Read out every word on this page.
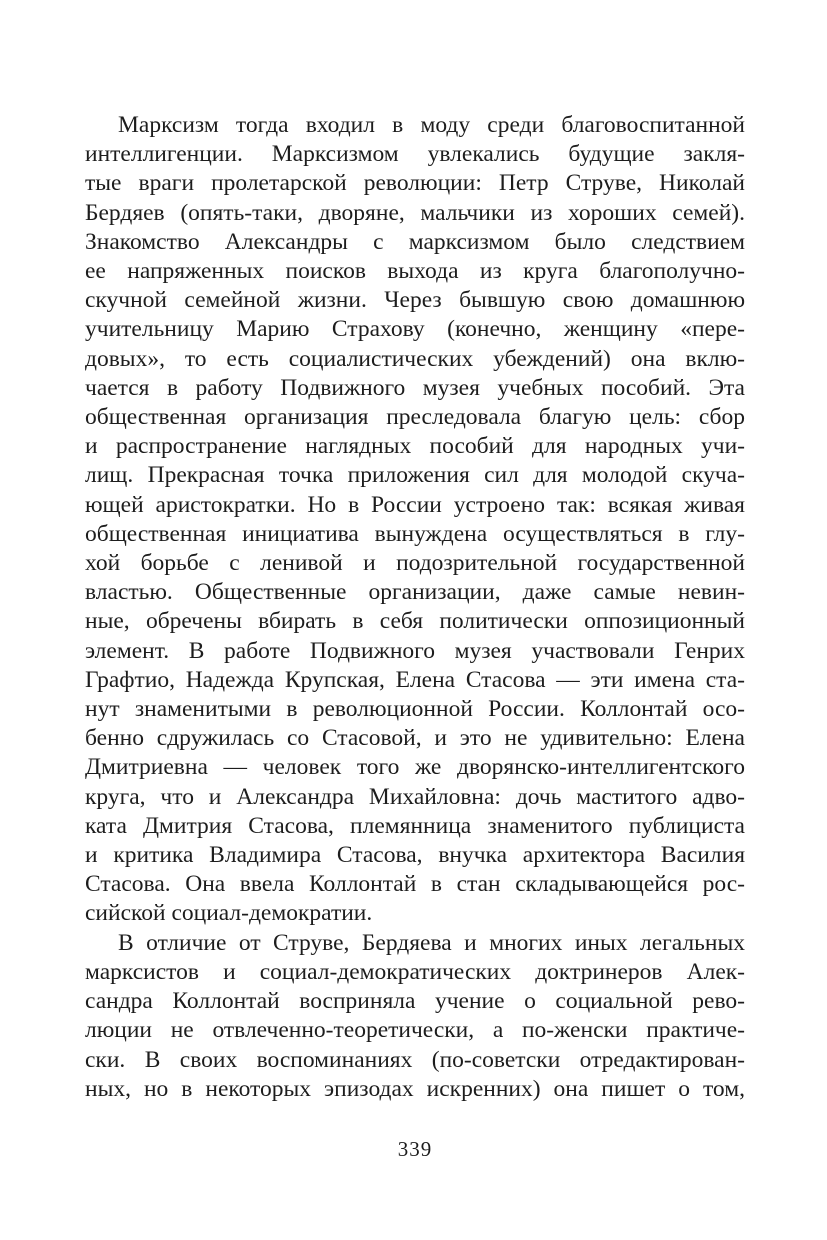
Марксизм тогда входил в моду среди благовоспитанной
интеллигенции. Марксизмом увлекались будущие закля-
тые враги пролетарской революции: Петр Струве, Николай
Бердяев (опять-таки, дворяне, мальчики из хороших семей).
Знакомство Александры с марксизмом было следствием
ее напряженных поисков выхода из круга благополучно-
скучной семейной жизни. Через бывшую свою домашнюю
учительницу Марию Страхову (конечно, женщину «пере-
довых», то есть социалистических убеждений) она вклю-
чается в работу Подвижного музея учебных пособий. Эта
общественная организация преследовала благую цель: сбор
и распространение наглядных пособий для народных учи-
лищ. Прекрасная точка приложения сил для молодой скуча-
ющей аристократки. Но в России устроено так: всякая живая
общественная инициатива вынуждена осуществляться в глу-
хой борьбе с ленивой и подозрительной государственной
властью. Общественные организации, даже самые невин-
ные, обречены вбирать в себя политически оппозиционный
элемент. В работе Подвижного музея участвовали Генрих
Графтио, Надежда Крупская, Елена Стасова — эти имена ста-
нут знаменитыми в революционной России. Коллонтай осо-
бенно сдружилась со Стасовой, и это не удивительно: Елена
Дмитриевна — человек того же дворянско-интеллигентского
круга, что и Александра Михайловна: дочь маститого адво-
ката Дмитрия Стасова, племянница знаменитого публициста
и критика Владимира Стасова, внучка архитектора Василия
Стасова. Она ввела Коллонтай в стан складывающейся рос-
сийской социал-демократии.

В отличие от Струве, Бердяева и многих иных легальных
марксистов и социал-демократических доктринеров Алек-
сандра Коллонтай восприняла учение о социальной рево-
люции не отвлеченно-теоретически, а по-женски практиче-
ски. В своих воспоминаниях (по-советски отредактирован-
ных, но в некоторых эпизодах искренних) она пишет о том,

339
